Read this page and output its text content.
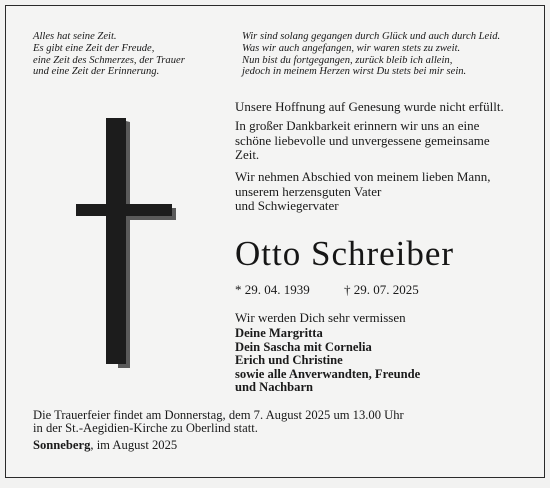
Alles hat seine Zeit.
Es gibt eine Zeit der Freude,
eine Zeit des Schmerzes, der Trauer
und eine Zeit der Erinnerung.
Wir sind solang gegangen durch Glück und auch durch Leid.
Was wir auch angefangen, wir waren stets zu zweit.
Nun bist du fortgegangen, zurück bleib ich allein,
jedoch in meinem Herzen wirst Du stets bei mir sein.
Unsere Hoffnung auf Genesung wurde nicht erfüllt.
In großer Dankbarkeit erinnern wir uns an eine
schöne liebevolle und unvergessene gemeinsame
Zeit.
Wir nehmen Abschied von meinem lieben Mann,
unserem herzensguten Vater
und Schwiegervater
Otto Schreiber
* 29. 04. 1939	† 29. 07. 2025
Wir werden Dich sehr vermissen
Deine Margritta
Dein Sascha mit Cornelia
Erich und Christine
sowie alle Anverwandten, Freunde
und Nachbarn
Die Trauerfeier findet am Donnerstag, dem 7. August 2025 um 13.00 Uhr
in der St.-Aegidien-Kirche zu Oberlind statt.
Sonneberg, im August 2025
